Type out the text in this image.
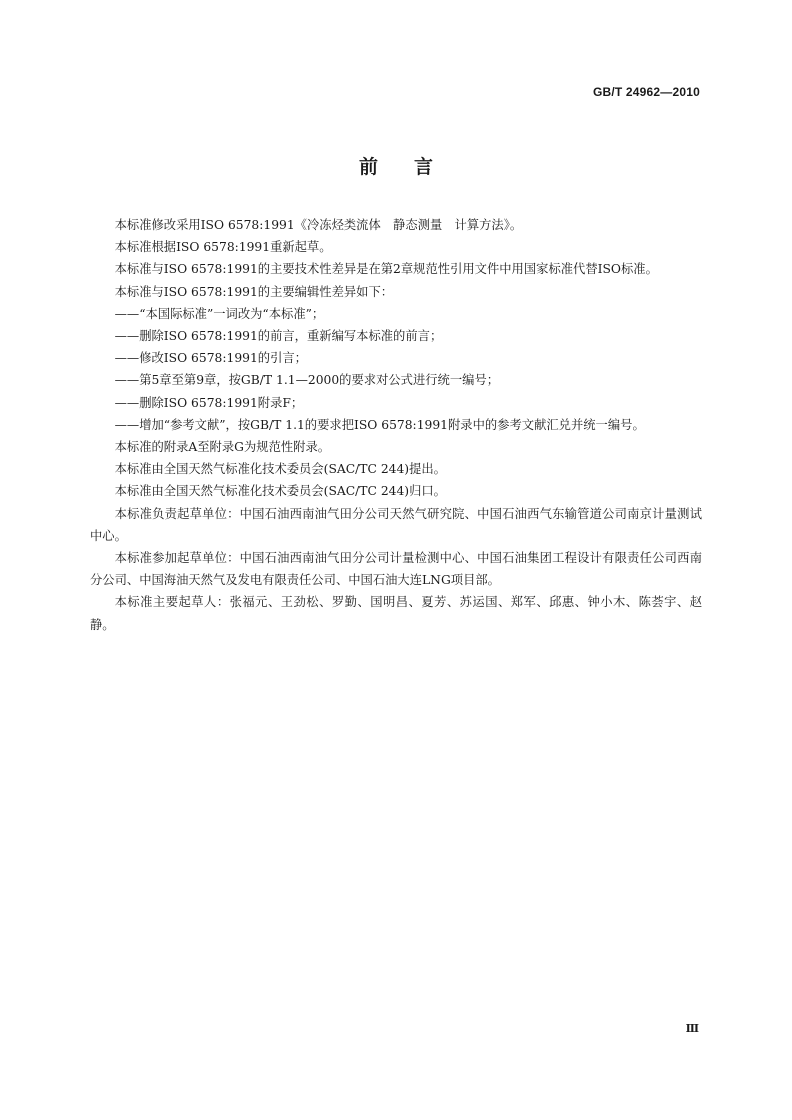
GB/T 24962—2010
前言

本标准修改采用ISO 6578:1991《冷冻烃类流体　静态测量　计算方法》。

本标准根据ISO 6578:1991重新起草。

本标准与ISO 6578:1991的主要技术性差异是在第2章规范性引用文件中用国家标准代替ISO标准。

本标准与ISO 6578:1991的主要编辑性差异如下：

——“本国际标准”一词改为“本标准”；

——删除ISO 6578:1991的前言，重新编写本标准的前言；

——修改ISO 6578:1991的引言；

——第5章至第9章，按GB/T 1.1—2000的要求对公式进行统一编号；

——删除ISO 6578:1991附录F；

——增加“参考文献”，按GB/T 1.1的要求把ISO 6578:1991附录中的参考文献汇兑并统一编号。

本标准的附录A至附录G为规范性附录。

本标准由全国天然气标准化技术委员会(SAC/TC 244)提出。

本标准由全国天然气标准化技术委员会(SAC/TC 244)归口。

本标准负责起草单位：中国石油西南油气田分公司天然气研究院、中国石油西气东输管道公司南京计量测试中心。

本标准参加起草单位：中国石油西南油气田分公司计量检测中心、中国石油集团工程设计有限责任公司西南分公司、中国海油天然气及发电有限责任公司、中国石油大连LNG项目部。

本标准主要起草人：张福元、王劲松、罗勤、国明昌、夏芳、苏运国、郑军、邱惠、钟小木、陈荟宇、赵静。

Ⅲ
